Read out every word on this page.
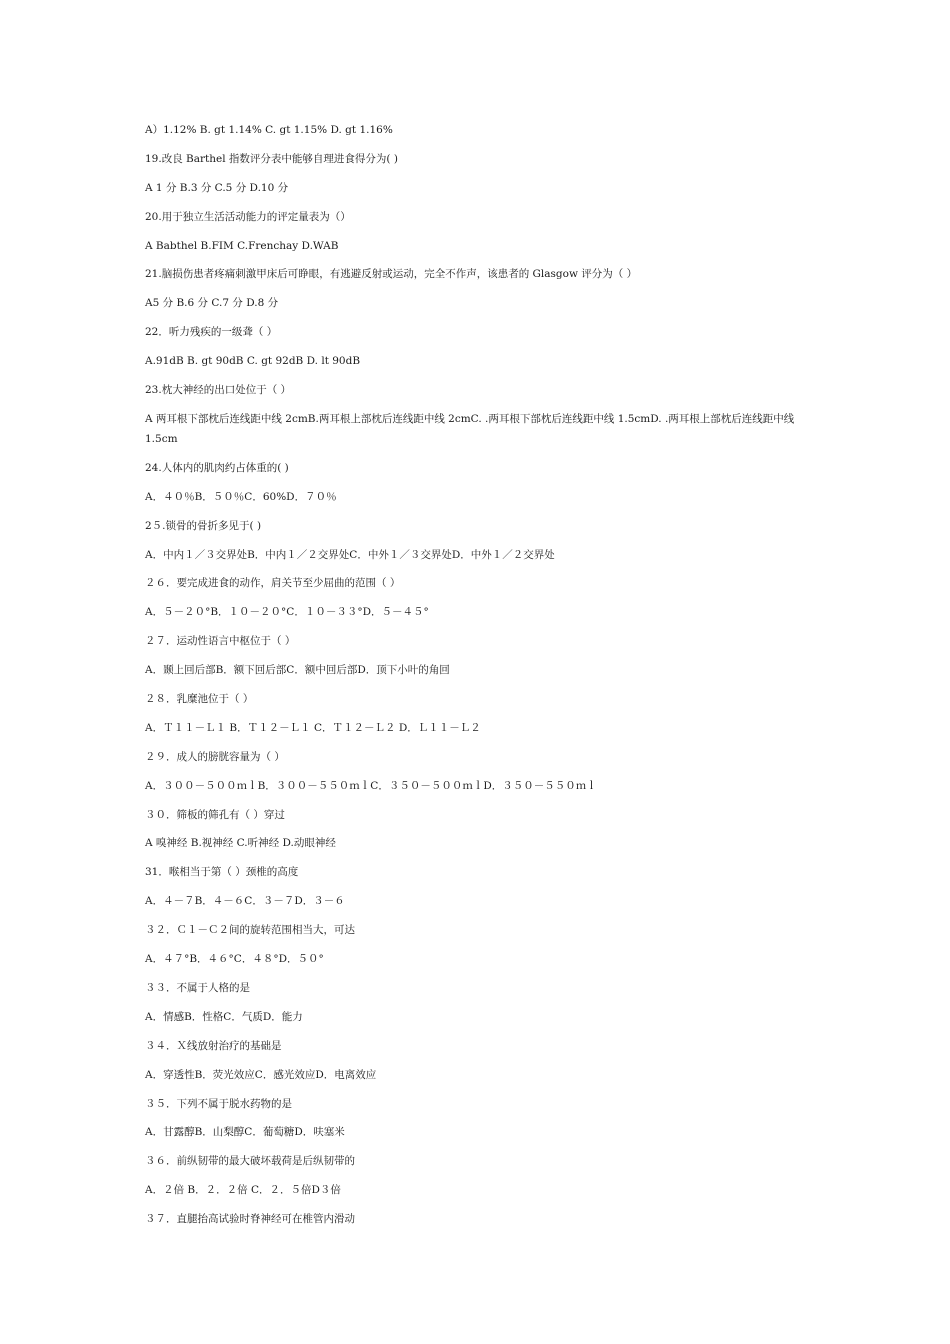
A）1.12% B. gt 1.14% C. gt 1.15% D. gt 1.16%
19.改良 Barthel 指数评分表中能够自理进食得分为( )
A 1 分 B.3 分 C.5 分 D.10 分
20.用于独立生活活动能力的评定量表为（）
A Babthel B.FIM C.Frenchay D.WAB
21.脑损伤患者疼痛刺激甲床后可睁眼，有逃避反射或运动，完全不作声，该患者的 Glasgow 评分为（ ）
A5 分 B.6 分 C.7 分 D.8 分
22．听力残疾的一级聋（ ）
A.91dB B. gt 90dB C. gt 92dB D. lt 90dB
23.枕大神经的出口处位于（ ）
A 两耳根下部枕后连线距中线 2cmB.两耳根上部枕后连线距中线 2cmC. .两耳根下部枕后连线距中线 1.5cmD. .两耳根上部枕后连线距中线 1.5cm
24.人体内的肌肉约占体重的( )
A．４０％B．５０％C．60%D．７０％
2５.锁骨的骨折多见于( )
A．中内１／３交界处B．中内１／２交界处C．中外１／３交界处D．中外１／２交界处
２６．要完成进食的动作，肩关节至少屈曲的范围（ ）
A．５－２０°B．１０－２０°C．１０－３３°D．５－４５°
２７．运动性语言中枢位于（ ）
A．颞上回后部B．额下回后部C．额中回后部D．顶下小叶的角回
２８．乳糜池位于（ ）
A．Ｔ１１－Ｌ１ B．Ｔ１２－Ｌ１ C．Ｔ１２－Ｌ２ D．Ｌ１１－Ｌ２
２９．成人的膀胱容量为（ ）
A．３００－５００ｍｌB．３００－５５０ｍｌC．３５０－５００ｍｌD．３５０－５５０ｍｌ
３０．筛板的筛孔有（ ）穿过
A 嗅神经 B.视神经 C.听神经 D.动眼神经
31．喉相当于第（ ）颈椎的高度
A．４－７B．４－６C．３－７D．３－６
３２．Ｃ１－Ｃ２间的旋转范围相当大，可达
A．４７°B．４６°C．４８°D．５０°
３３．不属于人格的是
A．情感B．性格C．气质D．能力
３４．Ｘ线放射治疗的基础是
A．穿透性B．荧光效应C．感光效应D．电离效应
３５．下列不属于脱水药物的是
A．甘露醇B．山梨醇C．葡萄糖D．呋塞米
３６．前纵韧带的最大破坏载荷是后纵韧带的
A．２倍 B．２．２倍 C．２．５倍D３倍
３７．直腿抬高试验时脊神经可在椎管内滑动
